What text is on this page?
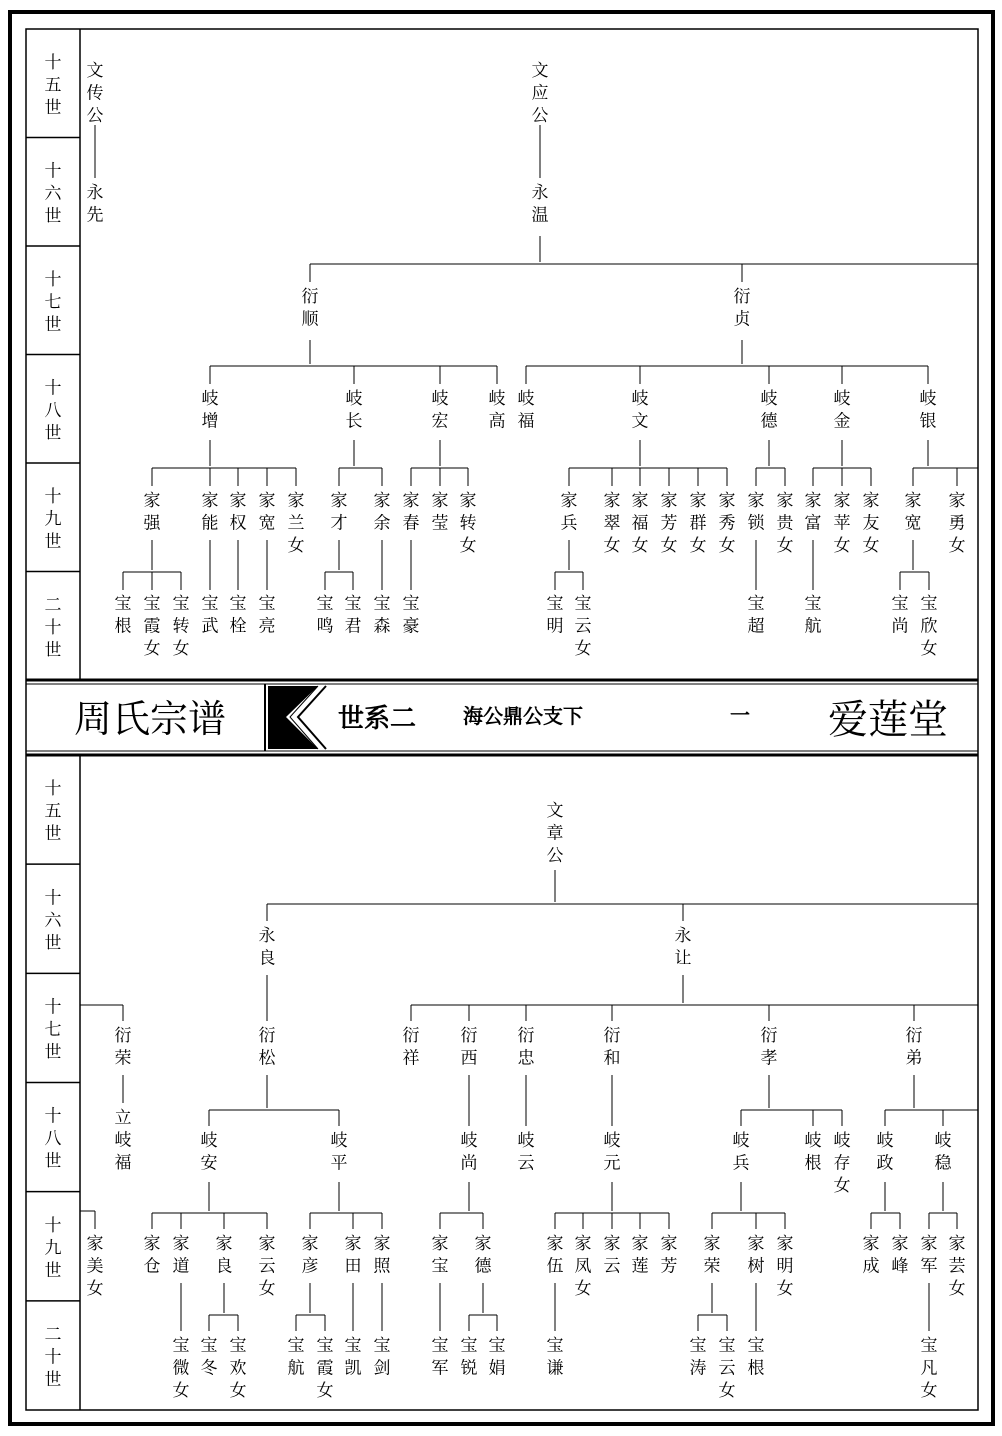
十五世
十六世
十七世
十八世
十九世
二十世
十五世
十六世
十七世
十八世
十九世
二十世
周氏宗谱	世系二 海公鼎公支下	一 爱莲堂
文传公
永先
文应公
永温
衍顺
衍贞
岐增
岐长
岐宏
岐高
岐福
岐文
岐德
岐金
岐银
家强
家能
家权
家宽
家兰女
家才
家余
家春
家莹
家转女
家兵
家翠女
家福女
家芳女
家群女
家秀女
家锁
家贵女
家富
家苹女
家友女
家宽
家勇女
宝根
宝霞女
宝转女
宝武
宝栓
宝亮
宝鸣
宝君
宝森
宝豪
宝明
宝云女
宝超
宝航
宝尚
宝欣女
文章公
永良
永让
衍荣
衍松
衍祥
衍西
衍忠
衍和
衍孝
衍弟
立岐福
岐安
岐平
岐尚
岐云
岐元
岐兵
岐根
岐存女
岐政
岐稳
家美女
家仓
家道
家良
家云女
家彦
家田
家照
家宝
家德
家伍
家凤女
家云
家莲
家芳
家荣
家树
家明女
家成
家峰
家军
家芸女
宝微女
宝冬
宝欢女
宝航
宝霞女
宝凯
宝剑
宝军
宝锐
宝娟
宝谦
宝涛
宝云女
宝根
宝凡女
